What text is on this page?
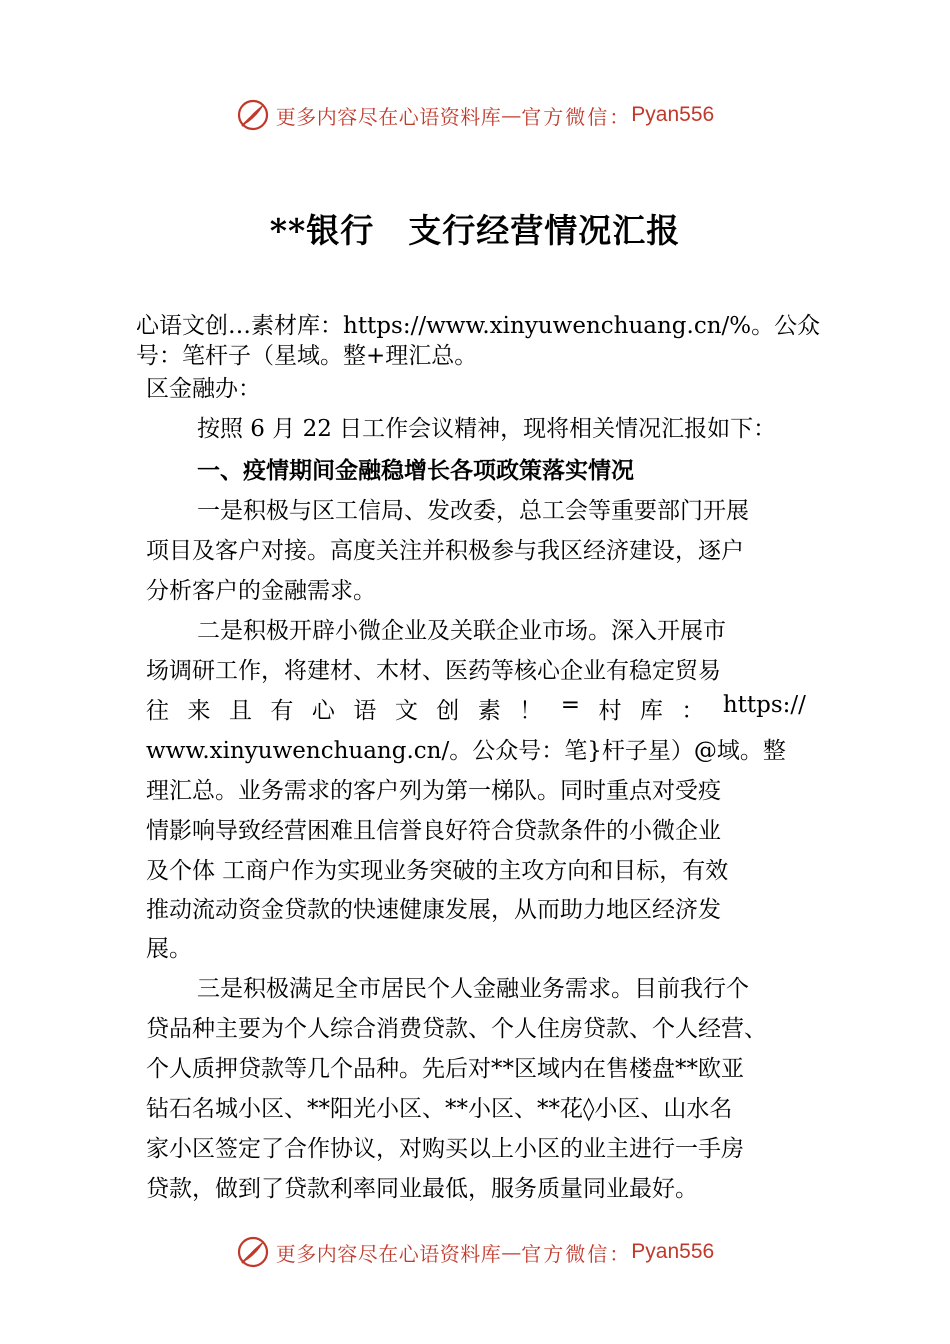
更多内容尽在心语资料库 — 官方微信： Pyan556
**银行 支行经营情况汇报
心语文创…素材库：https://www.xinyuwenchuang.cn/%。公众
号：笔杆子（星域。整+理汇总。
区金融办：
按照 6 月 22 日工作会议精神，现将相关情况汇报如下：
一、疫情期间金融稳增长各项政策落实情况
一是积极与区工信局、发改委，总工会等重要部门开展
项目及客户对接。高度关注并积极参与我区经济建设，逐户
分析客户的金融需求。
二是积极开辟小微企业及关联企业市场。深入开展市
场调研工作，将建材、木材、医药等核心企业有稳定贸易
往 来 且 有 心 语 文 创 素 ！ = 村 库 ： https://
www.xinyuwenchuang.cn/。公众号：笔}杆子星）@域。整
理汇总。业务需求的客户列为第一梯队。同时重点对受疫
情影响导致经营困难且信誉良好符合贷款条件的小微企业
及个体 工商户作为实现业务突破的主攻方向和目标，有效
推动流动资金贷款的快速健康发展，从而助力地区经济发
展。
三是积极满足全市居民个人金融业务需求。目前我行个
贷品种主要为个人综合消费贷款、个人住房贷款、个人经营、
个人质押贷款等几个品种。先后对**区域内在售楼盘**欧亚
钻石名城小区、**阳光小区、**小区、**花◊小区、山水名
家小区签定了合作协议，对购买以上小区的业主进行一手房
贷款，做到了贷款利率同业最低，服务质量同业最好。
更多内容尽在心语资料库 — 官方微信： Pyan556
